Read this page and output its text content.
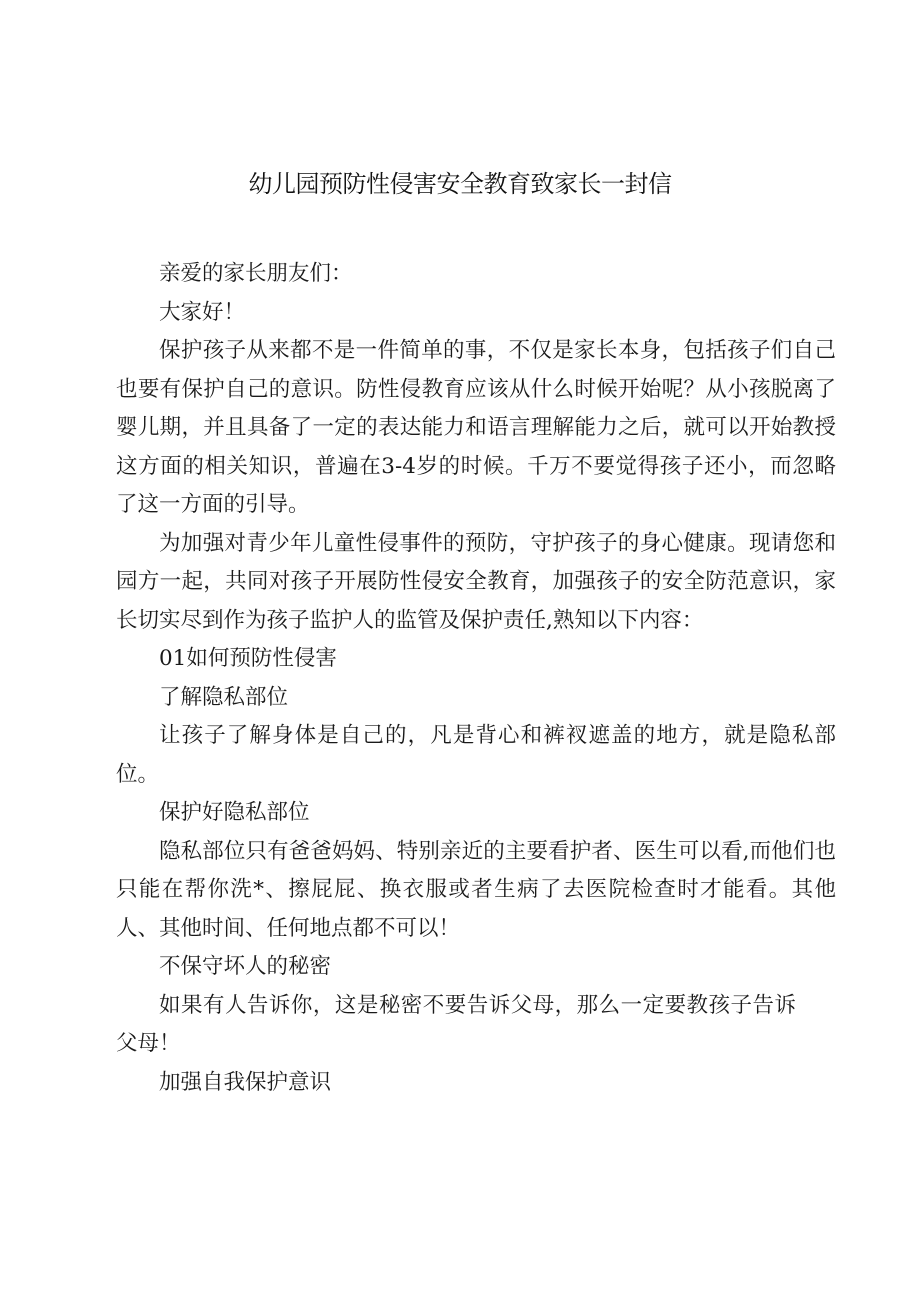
幼儿园预防性侵害安全教育致家长一封信

亲爱的家长朋友们：

大家好！

保护孩子从来都不是一件简单的事，不仅是家长本身，包括孩子们自己也要有保护自己的意识。防性侵教育应该从什么时候开始呢？从小孩脱离了婴儿期，并且具备了一定的表达能力和语言理解能力之后，就可以开始教授这方面的相关知识，普遍在3-4岁的时候。千万不要觉得孩子还小，而忽略了这一方面的引导。

为加强对青少年儿童性侵事件的预防，守护孩子的身心健康。现请您和园方一起，共同对孩子开展防性侵安全教育，加强孩子的安全防范意识，家长切实尽到作为孩子监护人的监管及保护责任,熟知以下内容：

01如何预防性侵害

了解隐私部位

让孩子了解身体是自己的，凡是背心和裤衩遮盖的地方，就是隐私部位。

保护好隐私部位

隐私部位只有爸爸妈妈、特别亲近的主要看护者、医生可以看,而他们也只能在帮你洗*、擦屁屁、换衣服或者生病了去医院检查时才能看。其他人、其他时间、任何地点都不可以！

不保守坏人的秘密

如果有人告诉你，这是秘密不要告诉父母，那么一定要教孩子告诉父母！

加强自我保护意识
